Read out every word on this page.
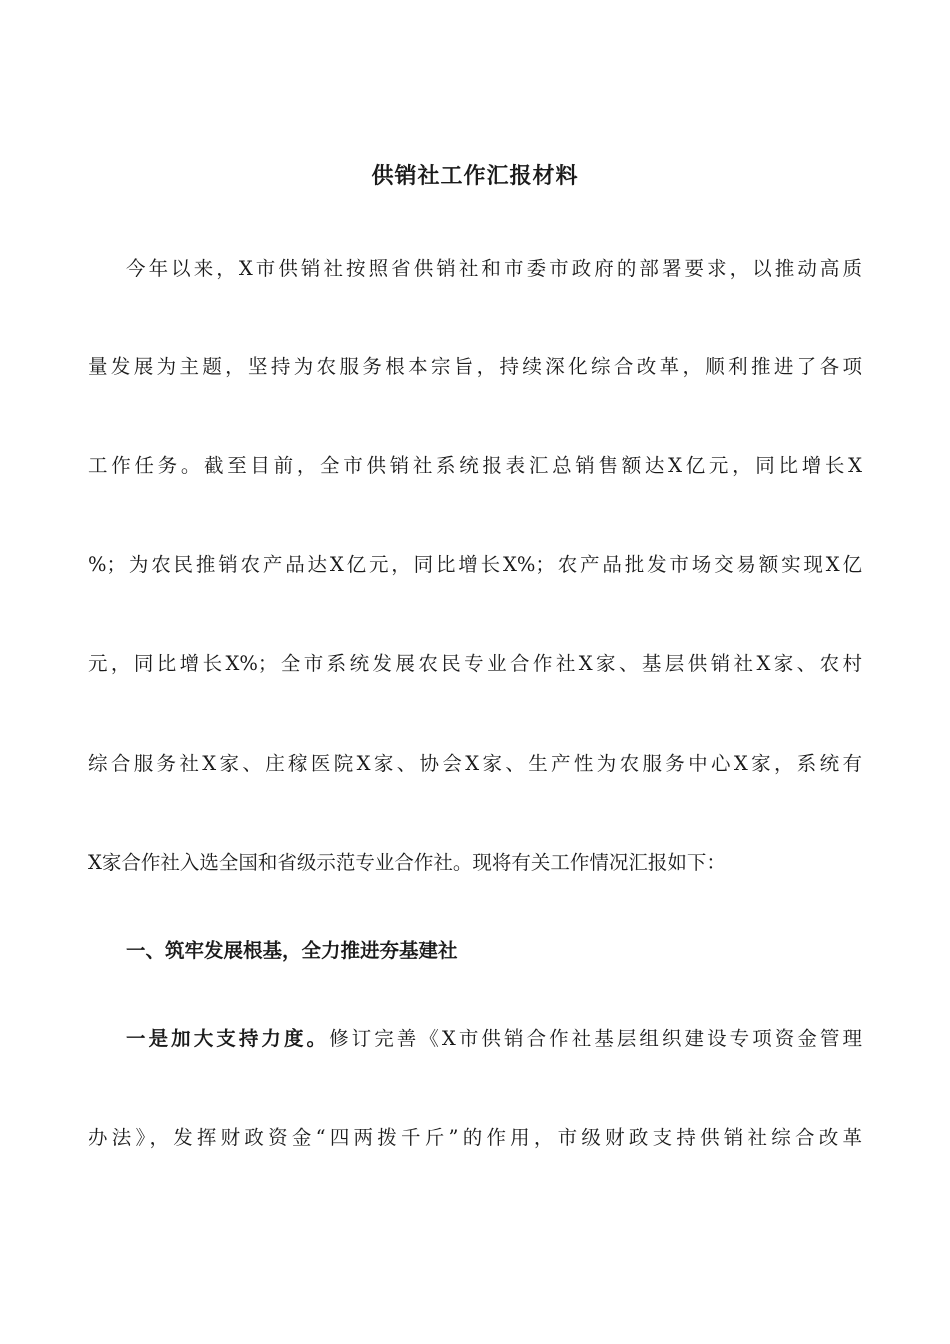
供销社工作汇报材料
今年以来，X市供销社按照省供销社和市委市政府的部署要求，以推动高质
量发展为主题，坚持为农服务根本宗旨，持续深化综合改革，顺利推进了各项
工作任务。截至目前，全市供销社系统报表汇总销售额达X亿元，同比增长X
%；为农民推销农产品达X亿元，同比增长X%；农产品批发市场交易额实现X亿
元，同比增长X%；全市系统发展农民专业合作社X家、基层供销社X家、农村
综合服务社X家、庄稼医院X家、协会X家、生产性为农服务中心X家，系统有
X家合作社入选全国和省级示范专业合作社。现将有关工作情况汇报如下：
一、筑牢发展根基，全力推进夯基建社
一是加大支持力度。修订完善《X市供销合作社基层组织建设专项资金管理
办法》，发挥财政资金“四两拨千斤”的作用，市级财政支持供销社综合改革
